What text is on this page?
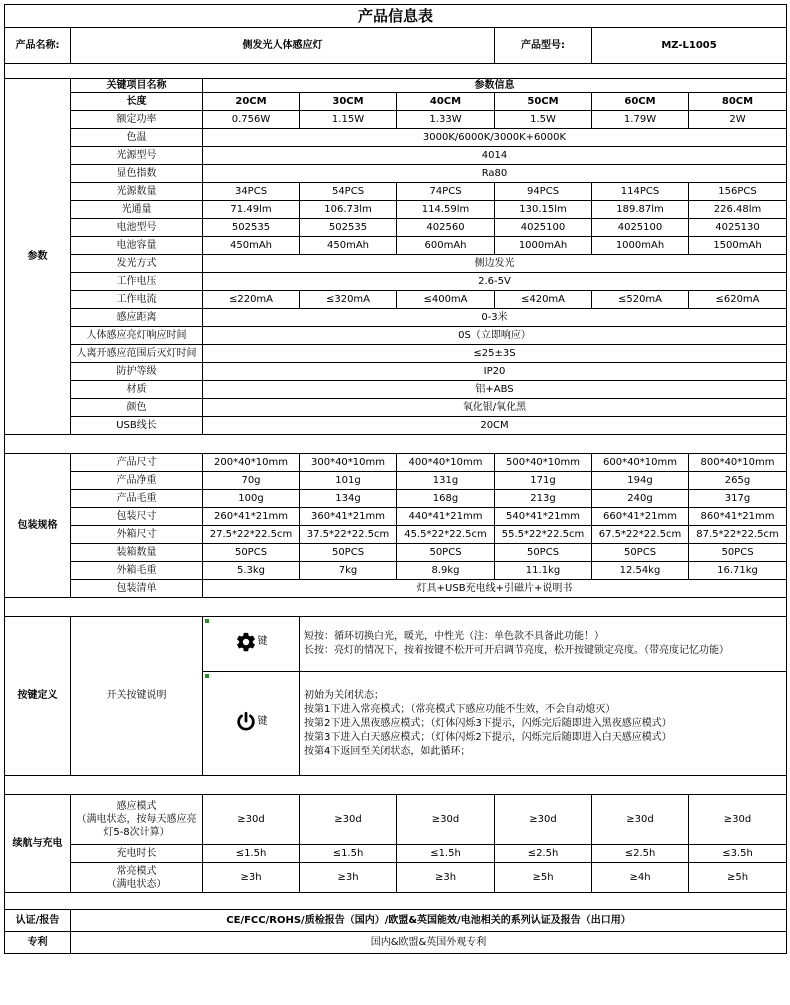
产品信息表							
产品名称:	侧发光人体感应灯				产品型号:	MZ-L1005	

参数	关键项目名称	参数信息					
	长度	20CM	30CM	40CM	50CM	60CM	80CM
	额定功率	0.756W	1.15W	1.33W	1.5W	1.79W	2W
	色温	3000K/6000K/3000K+6000K					
	光源型号	4014					
	显色指数	Ra80					
	光源数量	34PCS	54PCS	74PCS	94PCS	114PCS	156PCS
	光通量	71.49lm	106.73lm	114.59lm	130.15lm	189.87lm	226.48lm
	电池型号	502535	502535	402560	4025100	4025100	4025130
	电池容量	450mAh	450mAh	600mAh	1000mAh	1000mAh	1500mAh
	发光方式	侧边发光					
	工作电压	2.6-5V					
	工作电流	≤220mA	≤320mA	≤400mA	≤420mA	≤520mA	≤620mA
	感应距离	0-3米					
	人体感应亮灯响应时间	0S（立即响应）					
	人离开感应范围后灭灯时间	≤25±3S					
	防护等级	IP20					
	材质	铝+ABS					
	颜色	氧化银/氧化黑					
	USB线长	20CM					

包装规格	产品尺寸	200*40*10mm	300*40*10mm	400*40*10mm	500*40*10mm	600*40*10mm	800*40*10mm
	产品净重	70g	101g	131g	171g	194g	265g
	产品毛重	100g	134g	168g	213g	240g	317g
	包装尺寸	260*41*21mm	360*41*21mm	440*41*21mm	540*41*21mm	660*41*21mm	860*41*21mm
	外箱尺寸	27.5*22*22.5cm	37.5*22*22.5cm	45.5*22*22.5cm	55.5*22*22.5cm	67.5*22*22.5cm	87.5*22*22.5cm
	装箱数量	50PCS	50PCS	50PCS	50PCS	50PCS	50PCS
	外箱毛重	5.3kg	7kg	8.9kg	11.1kg	12.54kg	16.71kg
	包装清单	灯具+USB充电线+引磁片+说明书					

按键定义	开关按键说明	键	短按：循环切换白光，暖光，中性光（注：单色款不具备此功能！）
长按：亮灯的情况下，按着按键不松开可开启调节亮度，松开按键锁定亮度。（带亮度记忆功能）				

		键	初始为关闭状态；
按第1下进入常亮模式；（常亮模式下感应功能不生效，不会自动熄灭）
按第2下进入黑夜感应模式；（灯体闪烁3下提示，闪烁完后随即进入黑夜感应模式）
按第3下进入白天感应模式；（灯体闪烁2下提示，闪烁完后随即进入白天感应模式）
按第4下返回至关闭状态，如此循环；				

续航与充电	感应模式
（满电状态，按每天感应亮灯5-8次计算）	≥30d	≥30d	≥30d	≥30d	≥30d	≥30d
	充电时长	≤1.5h	≤1.5h	≤1.5h	≤2.5h	≤2.5h	≤3.5h
	常亮模式
（满电状态）	≥3h	≥3h	≥3h	≥5h	≥4h	≥5h

认证/报告	CE/FCC/ROHS/质检报告（国内）/欧盟&英国能效/电池相关的系列认证及报告（出口用）						
专利	国内&欧盟&英国外观专利						
